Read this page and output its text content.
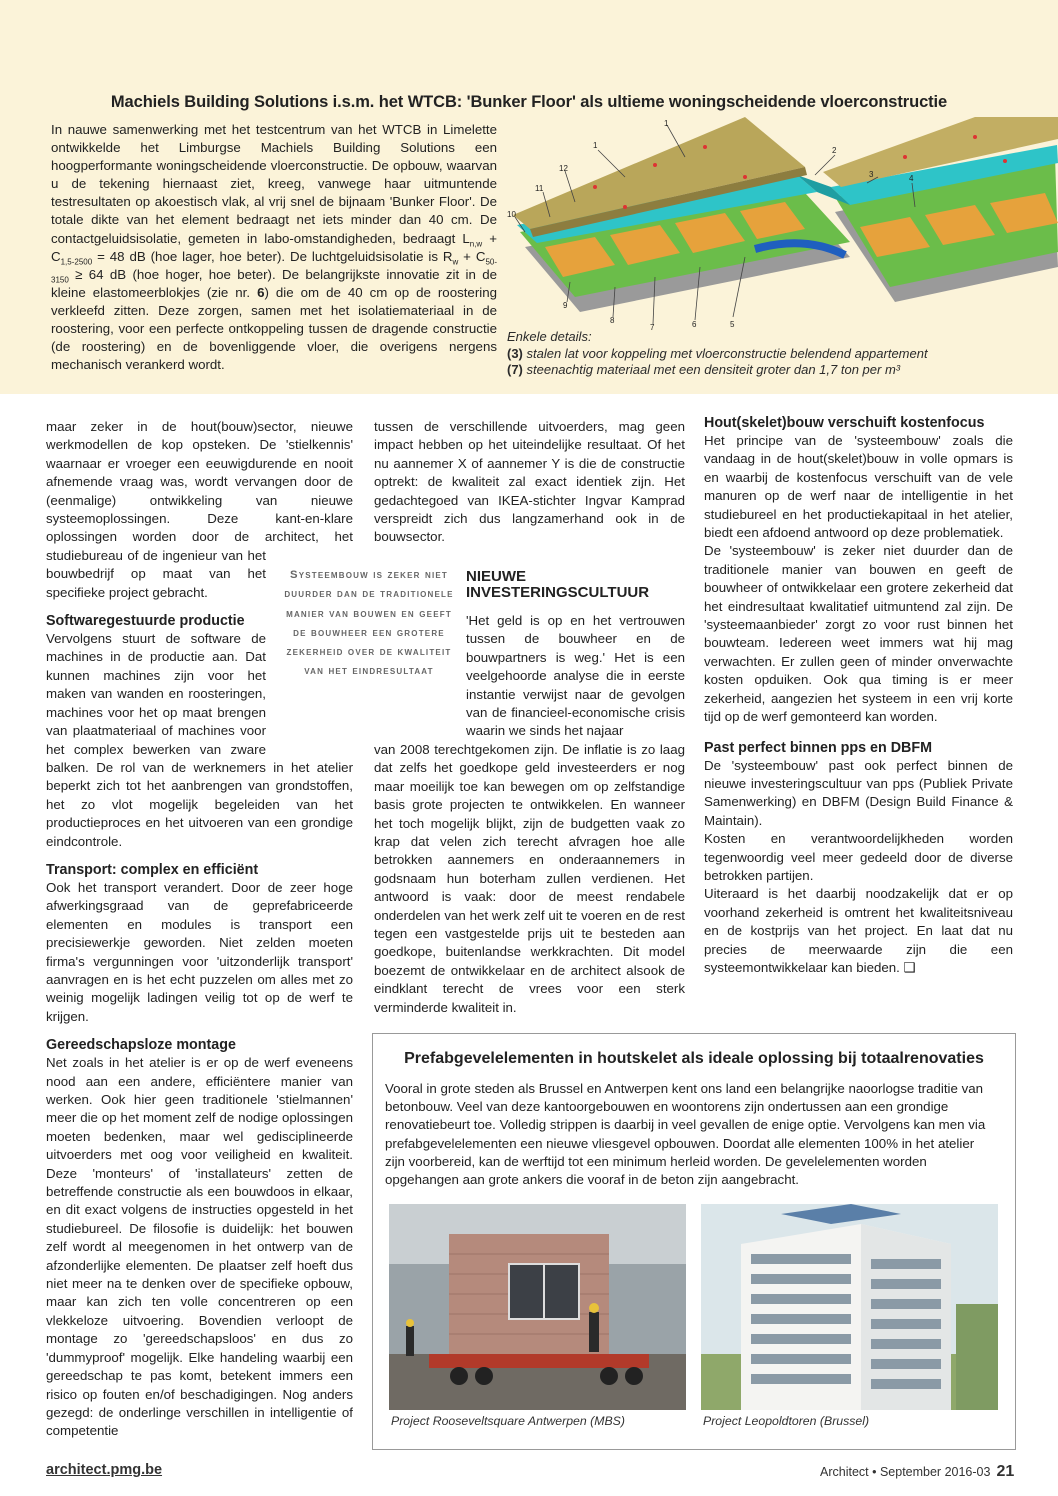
Machiels Building Solutions i.s.m. het WTCB: 'Bunker Floor' als ultieme woningscheidende vloerconstructie

In nauwe samenwerking met het testcentrum van het WTCB in Limelette ontwikkelde het Limburgse Machiels Building Solutions een hoogperformante woningscheidende vloerconstructie. De opbouw, waarvan u de tekening hiernaast ziet, kreeg, vanwege haar uitmuntende testresultaten op akoestisch vlak, al vrij snel de bijnaam 'Bunker Floor'. De totale dikte van het element bedraagt net iets minder dan 40 cm. De contactgeluidsisolatie, gemeten in labo-omstandigheden, bedraagt $L_{n,w} + C_{1,5-2500} = 48$ dB (hoe lager, hoe beter). De luchtgeluidsisolatie is $R_w + C_{50-3150} \ge 64$ dB (hoe hoger, hoe beter). De belangrijkste innovatie zit in de kleine elastomeerblokjes (zie nr. 6) die om de 40 cm op de roostering verkleefd zitten. Deze zorgen, samen met het isolatiemateriaal in de roostering, voor een perfecte ontkoppeling tussen de dragende constructie (de roostering) en de bovenliggende vloer, die overigens nergens mechanisch verankerd wordt.

1
1
2
3	4
5
6
7
8
9
10
11
12
Enkele details:
(3) stalen lat voor koppeling met vloerconstructie belendend appartement
(7) steenachtig materiaal met een densiteit groter dan 1,7 ton per m³

maar zeker in de hout(bouw)sector, nieuwe werkmodellen de kop opsteken. De 'stielkennis' waarnaar er vroeger een eeuwigdurende en nooit afnemende vraag was, wordt vervangen door de (eenmalige) ontwikkeling van nieuwe systeemoplossingen. Deze kant-en-klare oplossingen worden door de architect, het studiebureau of de ingenieur van het bouwbedrijf op maat van het specifieke project gebracht.

Softwaregestuurde productie

Vervolgens stuurt de software de machines in de productie aan. Dat kunnen machines zijn voor het maken van wanden en roosteringen, machines voor het op maat brengen van plaatmateriaal of machines voor het complex bewerken van zware balken. De rol van de werknemers in het atelier beperkt zich tot het aanbrengen van grondstoffen, het zo vlot mogelijk begeleiden van het productieproces en het uitvoeren van een grondige eindcontrole.

Transport: complex en efficiënt

Ook het transport verandert. Door de zeer hoge afwerkingsgraad van de geprefabriceerde elementen en modules is transport een precisiewerkje geworden. Niet zelden moeten firma's vergunningen voor 'uitzonderlijk transport' aanvragen en is het echt puzzelen om alles met zo weinig mogelijk ladingen veilig tot op de werf te krijgen.

Gereedschapsloze montage

Net zoals in het atelier is er op de werf eveneens nood aan een andere, efficiëntere manier van werken. Ook hier geen traditionele 'stielmannen' meer die op het moment zelf de nodige oplossingen moeten bedenken, maar wel gedisciplineerde uitvoerders met oog voor veiligheid en kwaliteit. Deze 'monteurs' of 'installateurs' zetten de betreffende constructie als een bouwdoos in elkaar, en dit exact volgens de instructies opgesteld in het studiebureel. De filosofie is duidelijk: het bouwen zelf wordt al meegenomen in het ontwerp van de afzonderlijke elementen. De plaatser zelf hoeft dus niet meer na te denken over de specifieke opbouw, maar kan zich ten volle concentreren op een vlekkeloze uitvoering. Bovendien verloopt de montage zo 'gereedschapsloos' en dus zo 'dummyproof' mogelijk. Elke handeling waarbij een gereedschap te pas komt, betekent immers een risico op fouten en/of beschadigingen. Nog anders gezegd: de onderlinge verschillen in intelligentie of competentie

Systeembouw is zeker niet duurder dan de traditionele manier van bouwen en geeft de bouwheer een grotere zekerheid over de kwaliteit van het eindresultaat

tussen de verschillende uitvoerders, mag geen impact hebben op het uiteindelijke resultaat. Of het nu aannemer X of aannemer Y is die de constructie optrekt: de kwaliteit zal exact identiek zijn. Het gedachtegoed van IKEA-stichter Ingvar Kamprad verspreidt zich dus langzamerhand ook in de bouwsector.

NIEUWE INVESTERINGSCULTUUR

'Het geld is op en het vertrouwen tussen de bouwheer en de bouwpartners is weg.' Het is een veelgehoorde analyse die in eerste instantie verwijst naar de gevolgen van de financieel-economische crisis waarin we sinds het najaar

van 2008 terechtgekomen zijn. De inflatie is zo laag dat zelfs het goedkope geld investeerders er nog maar moeilijk toe kan bewegen om op zelfstandige basis grote projecten te ontwikkelen. En wanneer het toch mogelijk blijkt, zijn de budgetten vaak zo krap dat velen zich terecht afvragen hoe alle betrokken aannemers en onderaannemers in godsnaam hun boterham zullen verdienen. Het antwoord is vaak: door de meest rendabele onderdelen van het werk zelf uit te voeren en de rest tegen een vastgestelde prijs uit te besteden aan goedkope, buitenlandse werkkrachten. Dit model boezemt de ontwikkelaar en de architect alsook de eindklant terecht de vrees voor een sterk verminderde kwaliteit in.

Hout(skelet)bouw verschuift kostenfocus

Het principe van de 'systeembouw' zoals die vandaag in de hout(skelet)bouw in volle opmars is en waarbij de kostenfocus verschuift van de vele manuren op de werf naar de intelligentie in het studiebureel en het productiekapitaal in het atelier, biedt een afdoend antwoord op deze problematiek.

De 'systeembouw' is zeker niet duurder dan de traditionele manier van bouwen en geeft de bouwheer of ontwikkelaar een grotere zekerheid dat het eindresultaat kwalitatief uitmuntend zal zijn. De 'systeemaanbieder' zorgt zo voor rust binnen het bouwteam. Iedereen weet immers wat hij mag verwachten. Er zullen geen of minder onverwachte kosten opduiken. Ook qua timing is er meer zekerheid, aangezien het systeem in een vrij korte tijd op de werf gemonteerd kan worden.

Past perfect binnen pps en DBFM

De 'systeembouw' past ook perfect binnen de nieuwe investeringscultuur van pps (Publiek Private Samenwerking) en DBFM (Design Build Finance & Maintain).

Kosten en verantwoordelijkheden worden tegenwoordig veel meer gedeeld door de diverse betrokken partijen.

Uiteraard is het daarbij noodzakelijk dat er op voorhand zekerheid is omtrent het kwaliteitsniveau en de kostprijs van het project. En laat dat nu precies de meerwaarde zijn die een systeemontwikkelaar kan bieden. ❑

Prefabgevelelementen in houtskelet als ideale oplossing bij totaalrenovaties
Vooral in grote steden als Brussel en Antwerpen kent ons land een belangrijke naoorlogse traditie van betonbouw. Veel van deze kantoorgebouwen en woontorens zijn ondertussen aan een grondige renovatiebeurt toe. Volledig strippen is daarbij in veel gevallen de enige optie. Vervolgens kan men via prefabgevelelementen een nieuwe vliesgevel opbouwen. Doordat alle elementen 100% in het atelier zijn voorbereid, kan de werftijd tot een minimum herleid worden. De gevelelementen worden opgehangen aan grote ankers die vooraf in de beton zijn aangebracht.
Project Rooseveltsquare Antwerpen (MBS)	Project Leopoldtoren (Brussel)
architect.pmg.be	Architect • September 2016-03 21
